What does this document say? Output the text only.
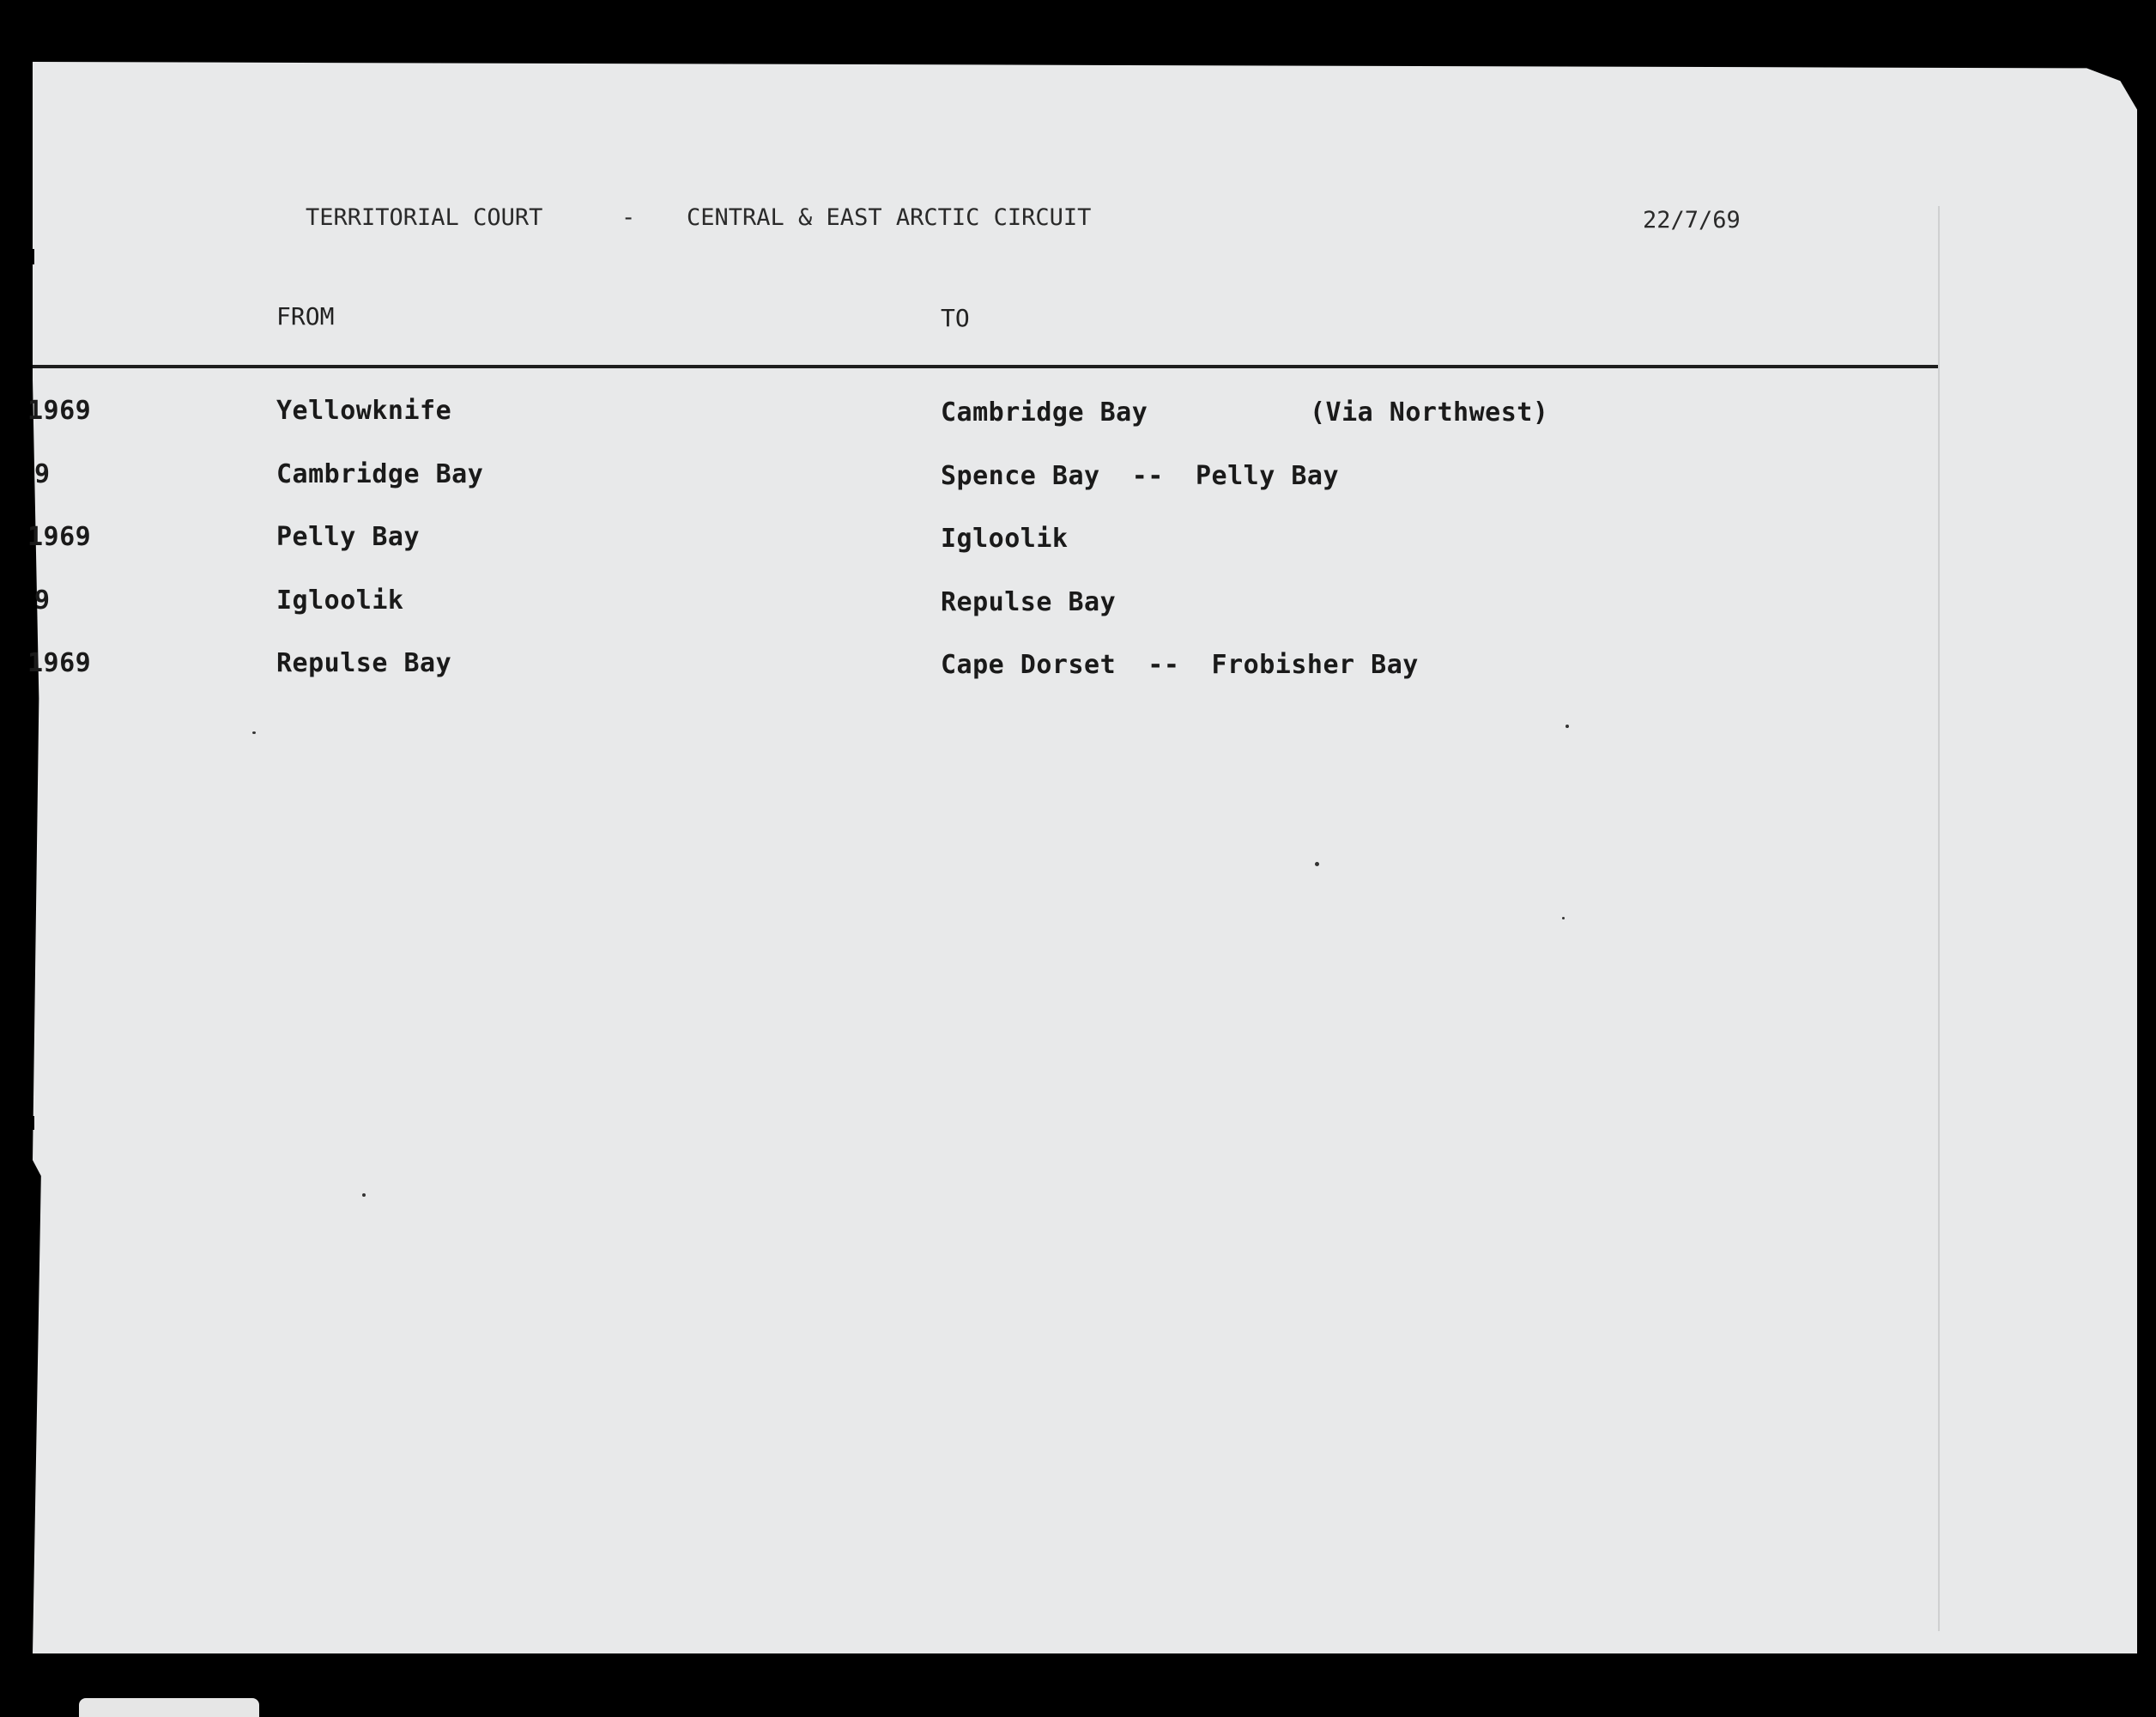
TERRITORIAL COURT	- CENTRAL & EAST ARCTIC CIRCUIT	22/7/69
FROM	TO
1969	Yellowknife	Cambridge Bay	(Via Northwest)
9	Cambridge Bay	Spence Bay  --  Pelly Bay
1969	Pelly Bay	Igloolik
9	Igloolik	Repulse Bay
1969	Repulse Bay	Cape Dorset  --  Frobisher Bay
